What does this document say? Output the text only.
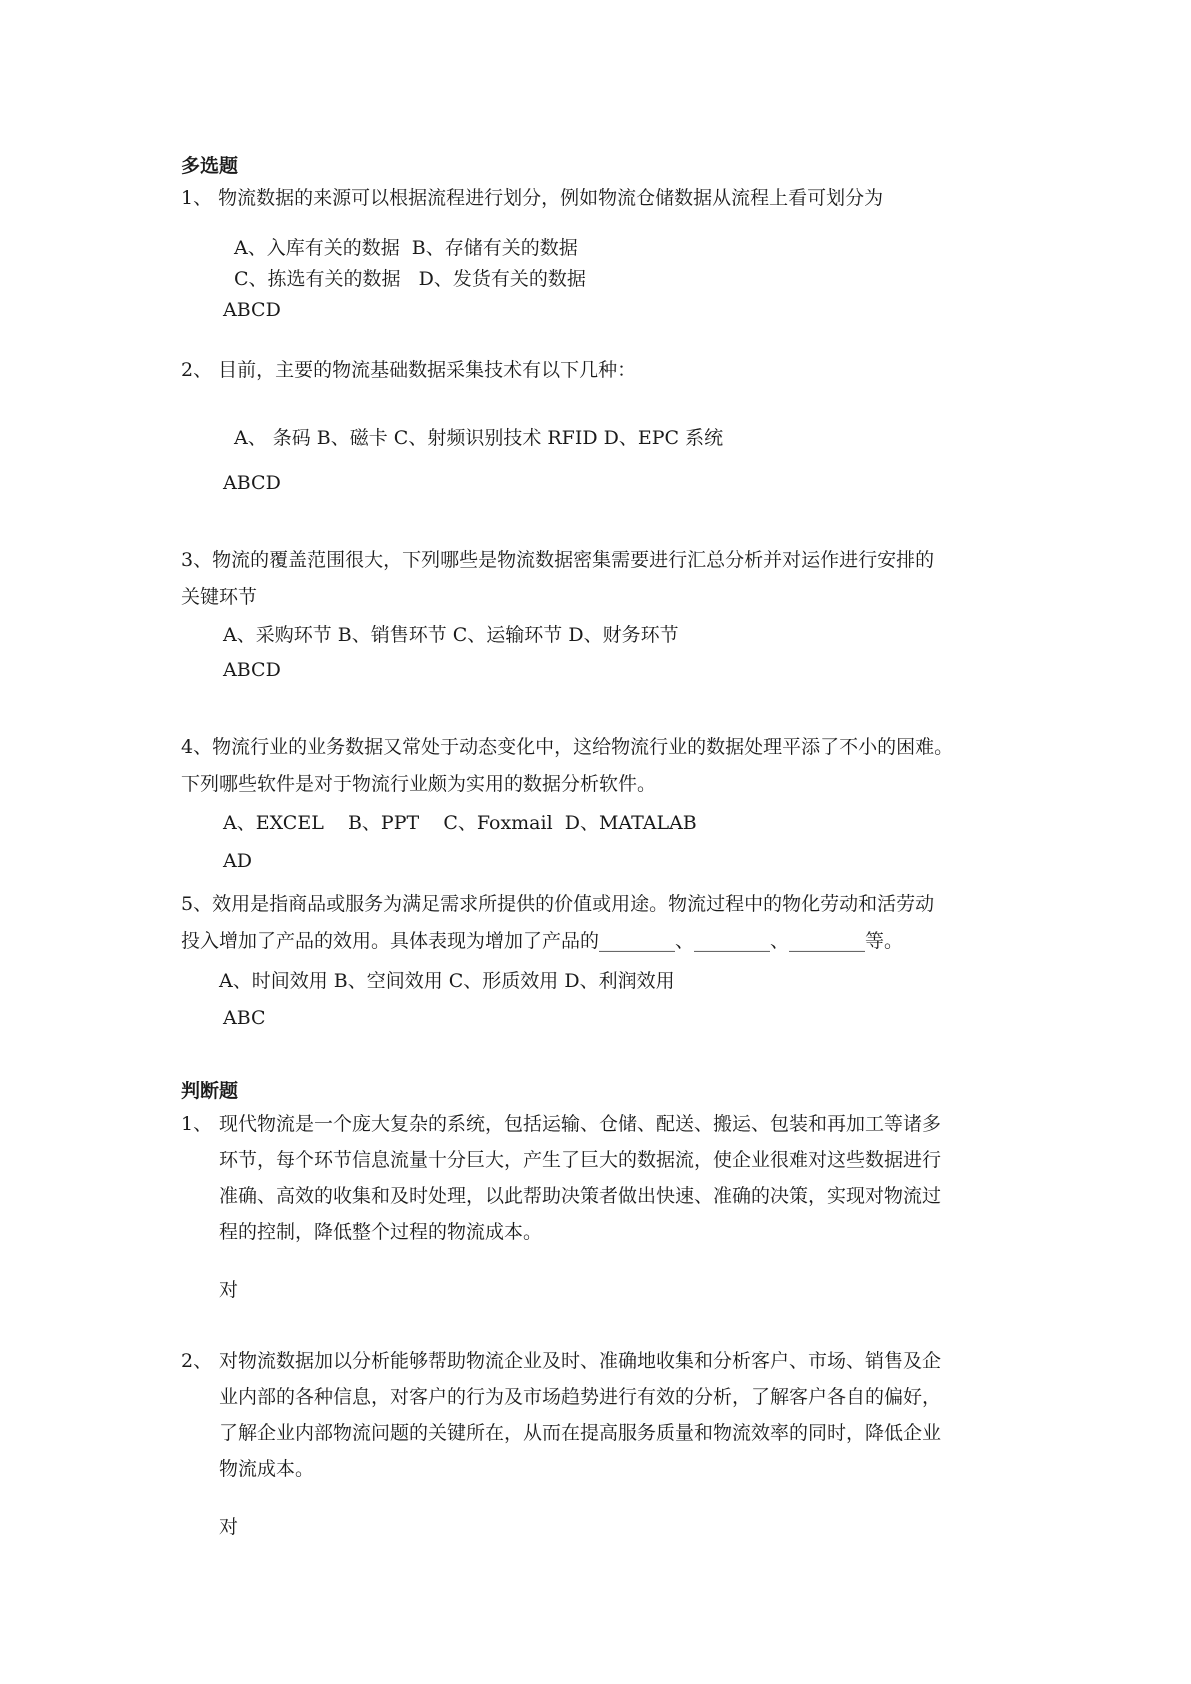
多选题
1、 物流数据的来源可以根据流程进行划分，例如物流仓储数据从流程上看可划分为
A、入库有关的数据  B、存储有关的数据
C、拣选有关的数据   D、发货有关的数据
ABCD
2、 目前，主要的物流基础数据采集技术有以下几种：
A、 条码 B、磁卡 C、射频识别技术 RFID D、EPC 系统
ABCD
3、物流的覆盖范围很大，下列哪些是物流数据密集需要进行汇总分析并对运作进行安排的
关键环节
A、采购环节 B、销售环节 C、运输环节 D、财务环节
ABCD
4、物流行业的业务数据又常处于动态变化中，这给物流行业的数据处理平添了不小的困难。
下列哪些软件是对于物流行业颇为实用的数据分析软件。
A、EXCEL    B、PPT    C、Foxmail  D、MATALAB
AD
5、效用是指商品或服务为满足需求所提供的价值或用途。物流过程中的物化劳动和活劳动
投入增加了产品的效用。具体表现为增加了产品的________、________、________等。
A、时间效用 B、空间效用 C、形质效用 D、利润效用
ABC
判断题
1、 现代物流是一个庞大复杂的系统，包括运输、仓储、配送、搬运、包装和再加工等诸多
环节，每个环节信息流量十分巨大，产生了巨大的数据流，使企业很难对这些数据进行
准确、高效的收集和及时处理，以此帮助决策者做出快速、准确的决策，实现对物流过
程的控制，降低整个过程的物流成本。
对
2、 对物流数据加以分析能够帮助物流企业及时、准确地收集和分析客户、市场、销售及企
业内部的各种信息，对客户的行为及市场趋势进行有效的分析，了解客户各自的偏好，
了解企业内部物流问题的关键所在，从而在提高服务质量和物流效率的同时，降低企业
物流成本。
对
